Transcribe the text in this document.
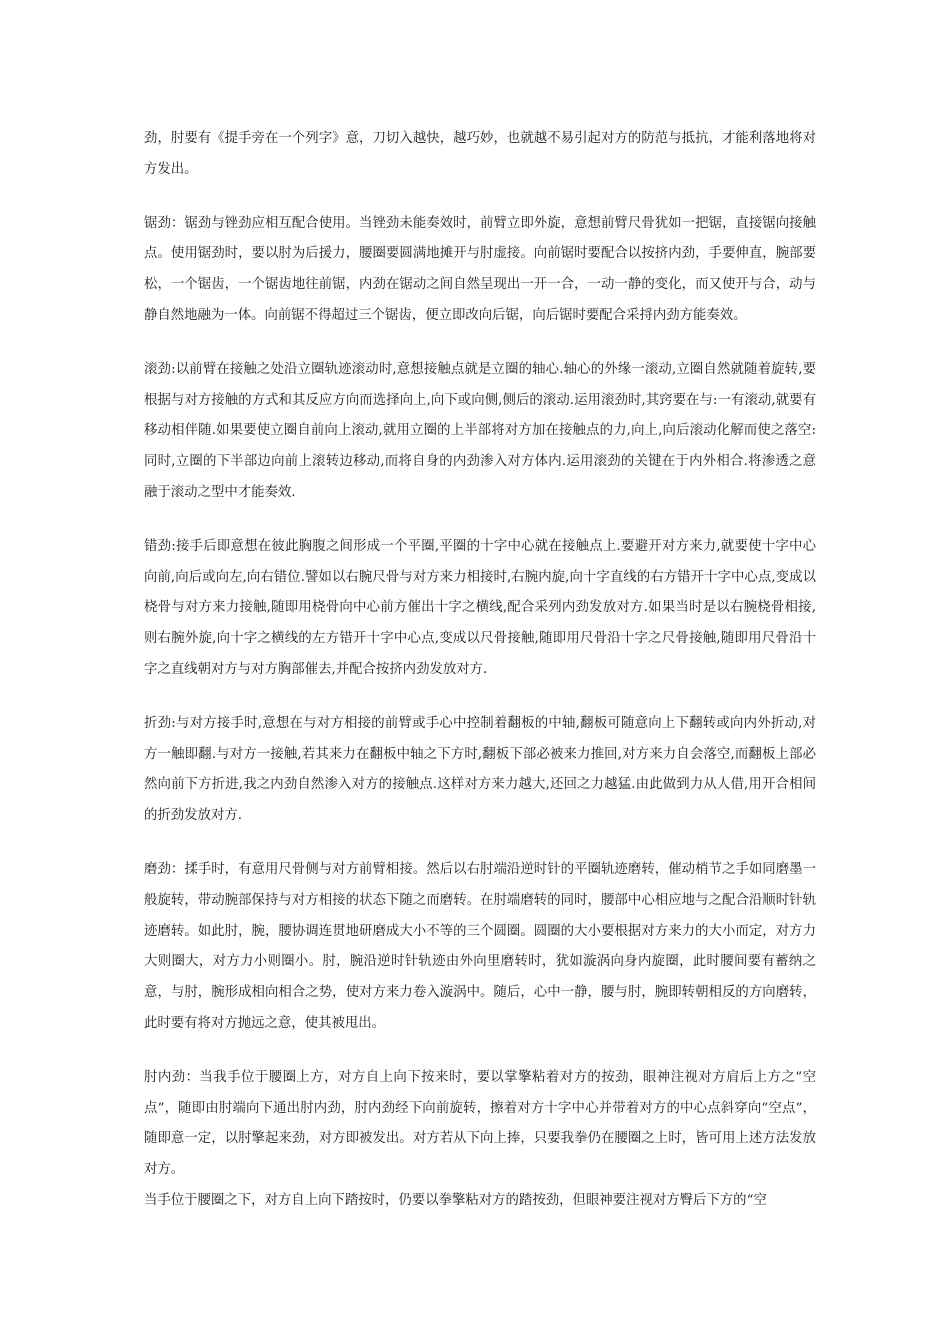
劲，肘要有《提手旁在一个列字》意，刀切入越快，越巧妙，也就越不易引起对方的防范与抵抗，才能利落地将对方发出。

锯劲：锯劲与锉劲应相互配合使用。当锉劲未能奏效时，前臂立即外旋，意想前臂尺骨犹如一把锯，直接锯向接触点。使用锯劲时，要以肘为后援力，腰圈要圆满地摊开与肘虚接。向前锯时要配合以按挤内劲，手要伸直，腕部要松，一个锯齿，一个锯齿地往前锯，内劲在锯动之间自然呈现出一开一合，一动一静的变化，而又使开与合，动与静自然地融为一体。向前锯不得超过三个锯齿，便立即改向后锯，向后锯时要配合采捋内劲方能奏效。

滚劲:以前臂在接触之处沿立圈轨迹滚动时,意想接触点就是立圈的轴心.轴心的外缘一滚动,立圈自然就随着旋转,要根据与对方接触的方式和其反应方向而选择向上,向下或向侧,侧后的滚动.运用滚劲时,其窍要在与:一有滚动,就要有移动相伴随.如果要使立圈自前向上滚动,就用立圈的上半部将对方加在接触点的力,向上,向后滚动化解而使之落空:同时,立圈的下半部边向前上滚转边移动,而将自身的内劲渗入对方体内.运用滚劲的关键在于内外相合.将渗透之意融于滚动之型中才能奏效.

错劲:接手后即意想在彼此胸腹之间形成一个平圈,平圈的十字中心就在接触点上.要避开对方来力,就要使十字中心向前,向后或向左,向右错位.譬如以右腕尺骨与对方来力相接时,右腕内旋,向十字直线的右方错开十字中心点,变成以桡骨与对方来力接触,随即用桡骨向中心前方催出十字之横线,配合采列内劲发放对方.如果当时是以右腕桡骨相接,则右腕外旋,向十字之横线的左方错开十字中心点,变成以尺骨接触,随即用尺骨沿十字之尺骨接触,随即用尺骨沿十字之直线朝对方与对方胸部催去,并配合按挤内劲发放对方.

折劲:与对方接手时,意想在与对方相接的前臂或手心中控制着翻板的中轴,翻板可随意向上下翻转或向内外折动,对方一触即翻.与对方一接触,若其来力在翻板中轴之下方时,翻板下部必被来力推回,对方来力自会落空,而翻板上部必然向前下方折进,我之内劲自然渗入对方的接触点.这样对方来力越大,还回之力越猛.由此做到力从人借,用开合相间的折劲发放对方.

磨劲：揉手时，有意用尺骨侧与对方前臂相接。然后以右肘端沿逆时针的平圈轨迹磨转，催动梢节之手如同磨墨一般旋转，带动腕部保持与对方相接的状态下随之而磨转。在肘端磨转的同时，腰部中心相应地与之配合沿顺时针轨迹磨转。如此肘，腕，腰协调连贯地研磨成大小不等的三个圆圈。圆圈的大小要根据对方来力的大小而定，对方力大则圈大，对方力小则圈小。肘，腕沿逆时针轨迹由外向里磨转时，犹如漩涡向身内旋圈，此时腰间要有蓄纳之意，与肘，腕形成相向相合之势，使对方来力卷入漩涡中。随后，心中一静，腰与肘，腕即转朝相反的方向磨转，此时要有将对方抛远之意，使其被甩出。

肘内劲：当我手位于腰圈上方，对方自上向下按来时，要以掌擎粘着对方的按劲，眼神注视对方肩后上方之“空点”，随即由肘端向下通出肘内劲，肘内劲经下向前旋转，擦着对方十字中心并带着对方的中心点斜穿向“空点”，随即意一定，以肘擎起来劲，对方即被发出。对方若从下向上捧，只要我拳仍在腰圈之上时，皆可用上述方法发放对方。

当手位于腰圈之下，对方自上向下踏按时，仍要以拳擎粘对方的踏按劲，但眼神要注视对方臀后下方的“空
